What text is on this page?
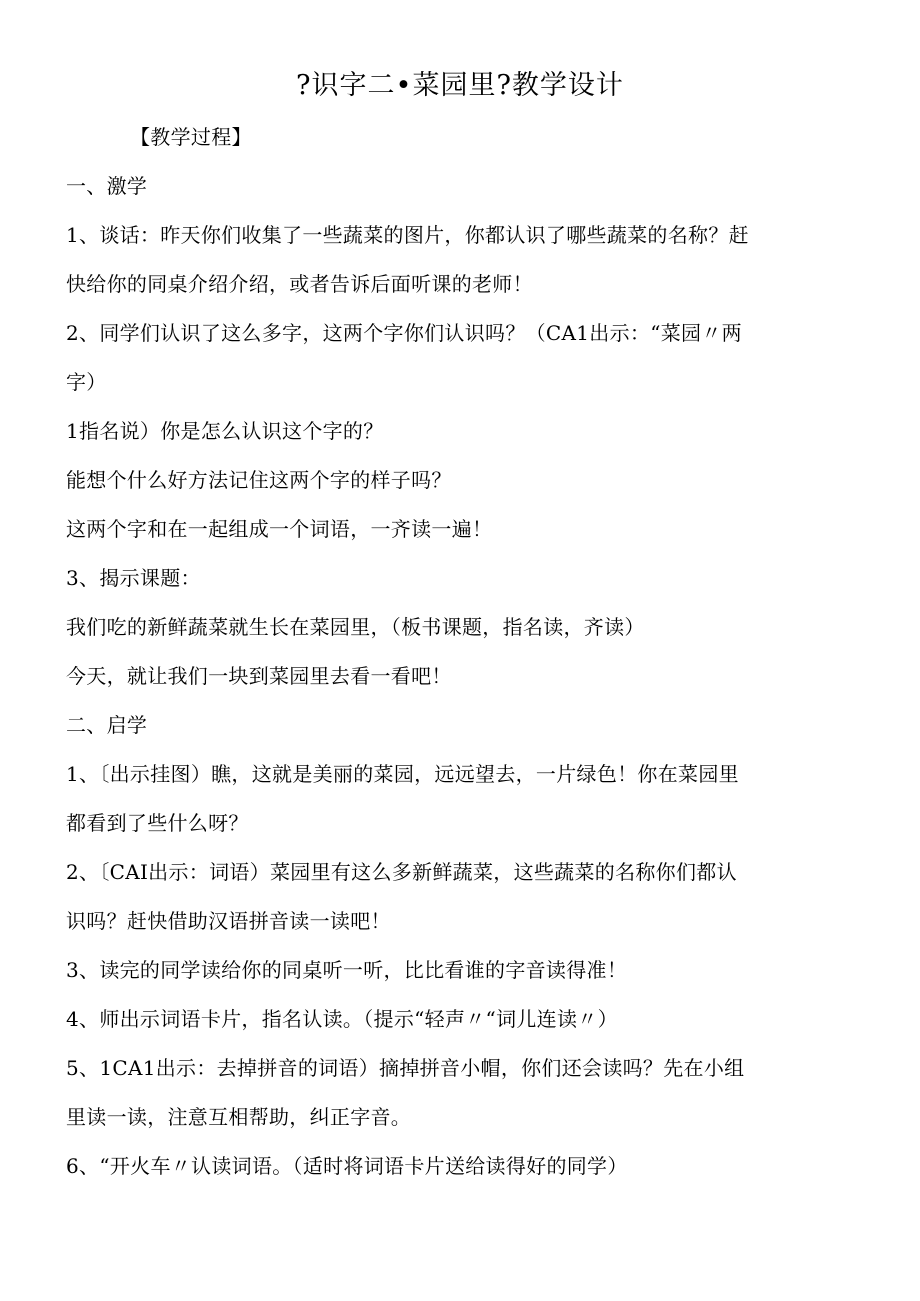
?识字二•菜园里?教学设计
【教学过程】
一、激学
1、谈话：昨天你们收集了一些蔬菜的图片，你都认识了哪些蔬菜的名称？赶
快给你的同桌介绍介绍，或者告诉后面听课的老师！
2、同学们认识了这么多字，这两个字你们认识吗？（CA1出示：“菜园〃两
字）
1指名说）你是怎么认识这个字的？
能想个什么好方法记住这两个字的样子吗？
这两个字和在一起组成一个词语，一齐读一遍！
3、揭示课题：
我们吃的新鲜蔬菜就生长在菜园里，（板书课题，指名读，齐读）
今天，就让我们一块到菜园里去看一看吧！
二、启学
1、〔出示挂图）瞧，这就是美丽的菜园，远远望去，一片绿色！你在菜园里
都看到了些什么呀？
2、〔CAI出示：词语）菜园里有这么多新鲜蔬菜，这些蔬菜的名称你们都认
识吗？赶快借助汉语拼音读一读吧！
3、读完的同学读给你的同桌听一听，比比看谁的字音读得准！
4、师出示词语卡片，指名认读。（提示“轻声〃“词儿连读〃）
5、1CA1出示：去掉拼音的词语）摘掉拼音小帽，你们还会读吗？先在小组
里读一读，注意互相帮助，纠正字音。
6、“开火车〃认读词语。（适时将词语卡片送给读得好的同学）
